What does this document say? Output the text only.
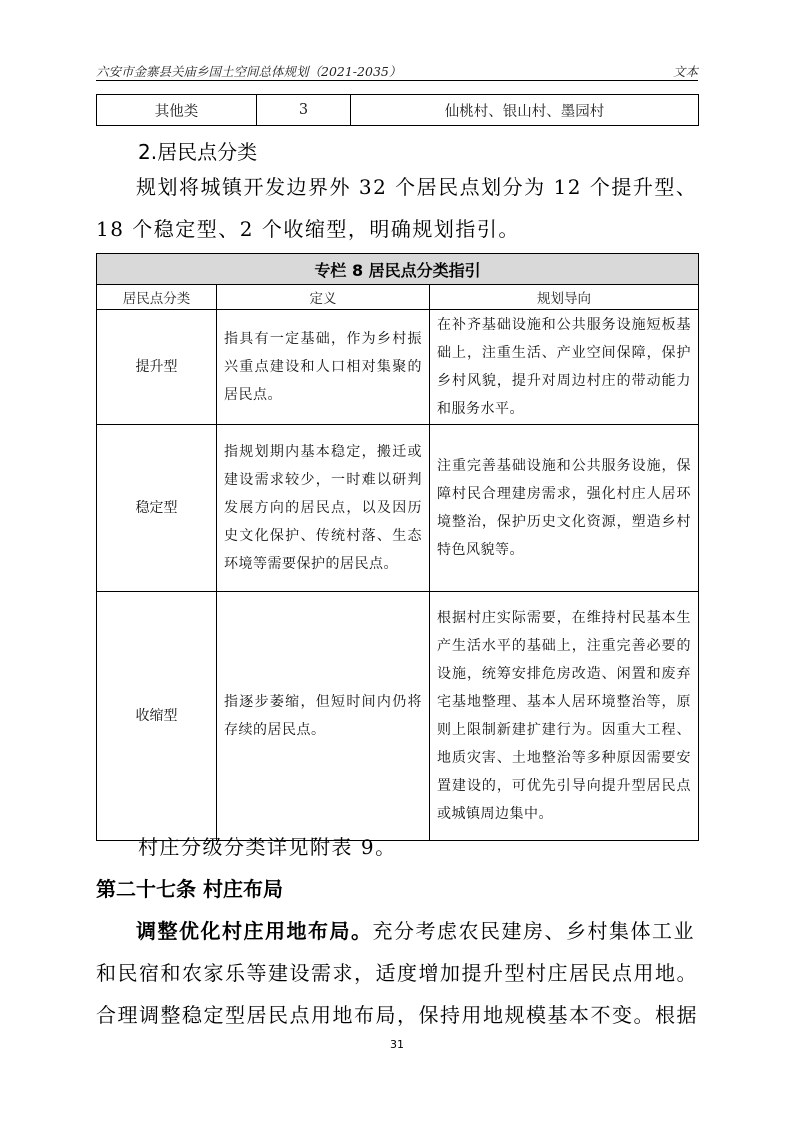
六安市金寨县关庙乡国土空间总体规划（2021-2035）	文本
其他类	3	仙桃村、银山村、墨园村
2.居民点分类
规划将城镇开发边界外 32 个居民点划分为 12 个提升型、18 个稳定型、2 个收缩型，明确规划指引。
专栏 8 居民点分类指引		
居民点分类	定义	规划导向
提升型	指具有一定基础，作为乡村振兴重点建设和人口相对集聚的居民点。	在补齐基础设施和公共服务设施短板基础上，注重生活、产业空间保障，保护乡村风貌，提升对周边村庄的带动能力和服务水平。
稳定型	指规划期内基本稳定，搬迁或建设需求较少，一时难以研判发展方向的居民点，以及因历史文化保护、传统村落、生态环境等需要保护的居民点。	注重完善基础设施和公共服务设施，保障村民合理建房需求，强化村庄人居环境整治，保护历史文化资源，塑造乡村特色风貌等。
收缩型	指逐步萎缩，但短时间内仍将存续的居民点。	根据村庄实际需要，在维持村民基本生产生活水平的基础上，注重完善必要的设施，统筹安排危房改造、闲置和废弃宅基地整理、基本人居环境整治等，原则上限制新建扩建行为。因重大工程、地质灾害、土地整治等多种原因需要安置建设的，可优先引导向提升型居民点或城镇周边集中。
村庄分级分类详见附表 9。
第二十七条 村庄布局
调整优化村庄用地布局。充分考虑农民建房、乡村集体工业和民宿和农家乐等建设需求，适度增加提升型村庄居民点用地。合理调整稳定型居民点用地布局，保持用地规模基本不变。根据
31
